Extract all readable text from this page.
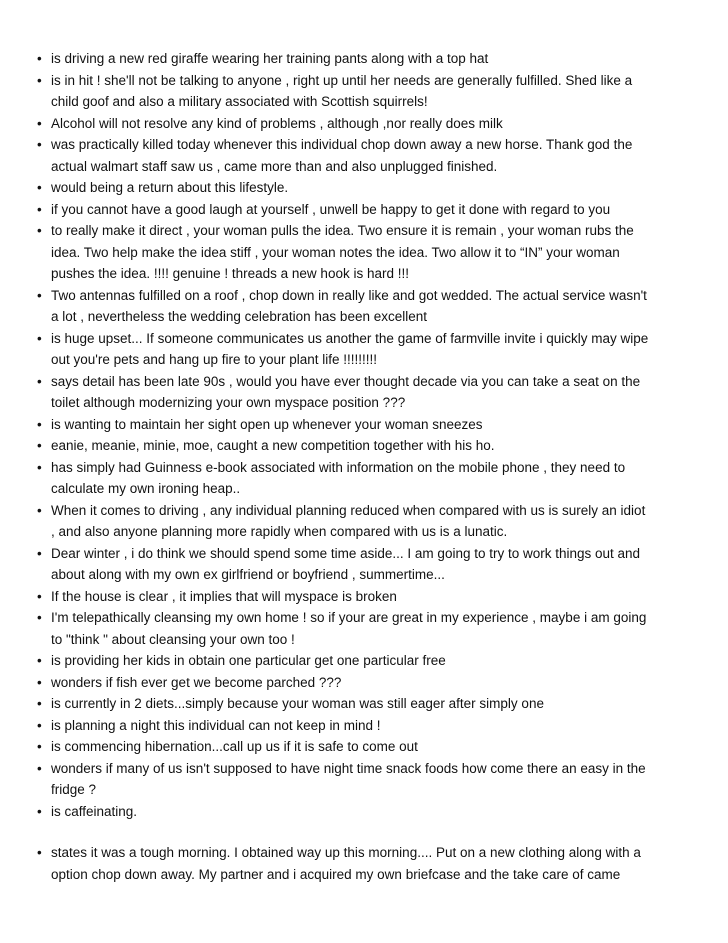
• is driving a new red giraffe wearing her training pants along with a top hat
• is in hit ! she'll not be talking to anyone , right up until her needs are generally fulfilled. Shed like a
child goof and also a military associated with Scottish squirrels!
• Alcohol will not resolve any kind of problems , although ,nor really does milk
• was practically killed today whenever this individual chop down away a new horse. Thank god the
actual walmart staff saw us , came more than and also unplugged finished.
• would being a return about this lifestyle.
• if you cannot have a good laugh at yourself , unwell be happy to get it done with regard to you
• to really make it direct , your woman pulls the idea. Two ensure it is remain , your woman rubs the
idea. Two help make the idea stiff , your woman notes the idea. Two allow it to “IN” your woman
pushes the idea. !!!! genuine ! threads a new hook is hard !!!
• Two antennas fulfilled on a roof , chop down in really like and got wedded. The actual service wasn't
a lot , nevertheless the wedding celebration has been excellent
• is huge upset... If someone communicates us another the game of farmville invite i quickly may wipe
out you're pets and hang up fire to your plant life !!!!!!!!!
• says detail has been late 90s , would you have ever thought decade via you can take a seat on the
toilet although modernizing your own myspace position ???
• is wanting to maintain her sight open up whenever your woman sneezes
• eanie, meanie, minie, moe, caught a new competition together with his ho.
• has simply had Guinness e-book associated with information on the mobile phone , they need to
calculate my own ironing heap..
• When it comes to driving , any individual planning reduced when compared with us is surely an idiot
, and also anyone planning more rapidly when compared with us is a lunatic.
• Dear winter , i do think we should spend some time aside... I am going to try to work things out and
about along with my own ex girlfriend or boyfriend , summertime...
• If the house is clear , it implies that will myspace is broken
• I'm telepathically cleansing my own home ! so if your are great in my experience , maybe i am going
to "think " about cleansing your own too !
• is providing her kids in obtain one particular get one particular free
• wonders if fish ever get we become parched ???
• is currently in 2 diets...simply because your woman was still eager after simply one
• is planning a night this individual can not keep in mind !
• is commencing hibernation...call up us if it is safe to come out
• wonders if many of us isn't supposed to have night time snack foods how come there an easy in the
fridge ?
• is caffeinating.
• states it was a tough morning. I obtained way up this morning.... Put on a new clothing along with a
option chop down away. My partner and i acquired my own briefcase and the take care of came
